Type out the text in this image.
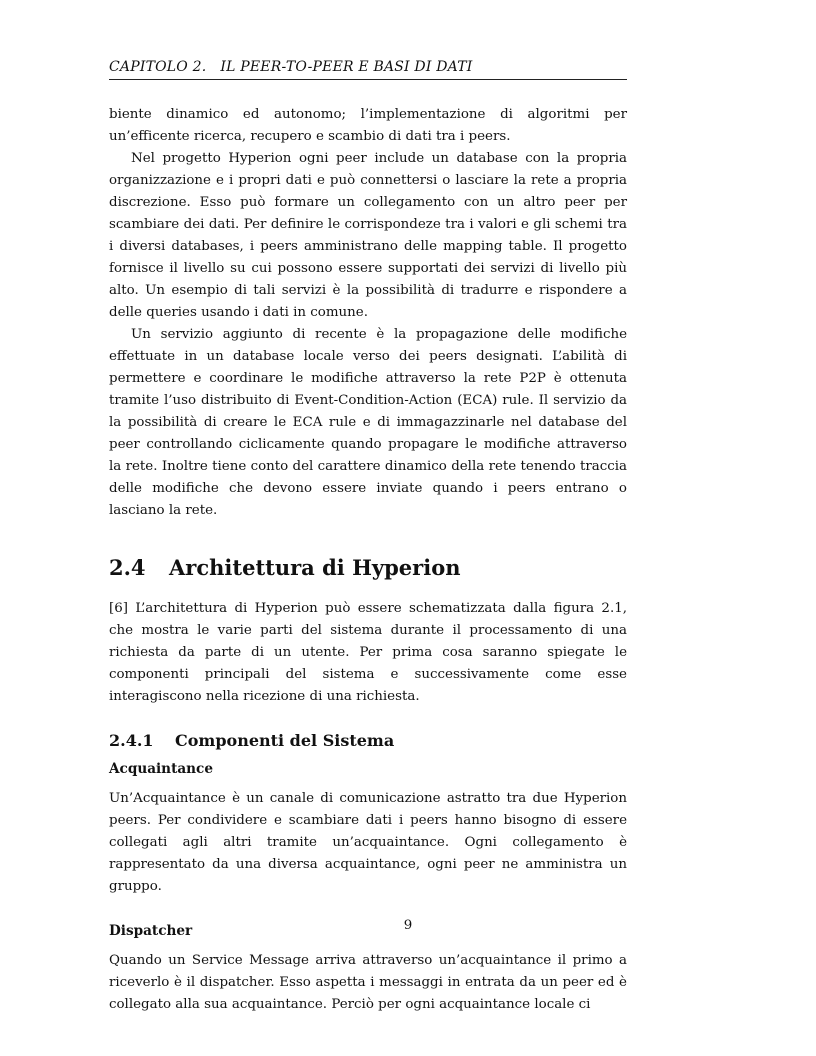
CAPITOLO 2. IL PEER-TO-PEER E BASI DI DATI

biente dinamico ed autonomo; l’implementazione di algoritmi per un’efficente ricerca, recupero e scambio di dati tra i peers.

Nel progetto Hyperion ogni peer include un database con la propria organizzazione e i propri dati e può connettersi o lasciare la rete a propria discrezione. Esso può formare un collegamento con un altro peer per scambiare dei dati. Per definire le corrispondeze tra i valori e gli schemi tra i diversi databases, i peers amministrano delle mapping table. Il progetto fornisce il livello su cui possono essere supportati dei servizi di livello più alto. Un esempio di tali servizi è la possibilità di tradurre e rispondere a delle queries usando i dati in comune.

Un servizio aggiunto di recente è la propagazione delle modifiche effettuate in un database locale verso dei peers designati. L’abilità di permettere e coordinare le modifiche attraverso la rete P2P è ottenuta tramite l’uso distribuito di Event-Condition-Action (ECA) rule. Il servizio da la possibilità di creare le ECA rule e di immagazzinarle nel database del peer controllando ciclicamente quando propagare le modifiche attraverso la rete. Inoltre tiene conto del carattere dinamico della rete tenendo traccia delle modifiche che devono essere inviate quando i peers entrano o lasciano la rete.

2.4 Architettura di Hyperion

[6] L’architettura di Hyperion può essere schematizzata dalla figura 2.1, che mostra le varie parti del sistema durante il processamento di una richiesta da parte di un utente. Per prima cosa saranno spiegate le componenti principali del sistema e successivamente come esse interagiscono nella ricezione di una richiesta.

2.4.1 Componenti del Sistema
Acquaintance

Un’Acquaintance è un canale di comunicazione astratto tra due Hyperion peers. Per condividere e scambiare dati i peers hanno bisogno di essere collegati agli altri tramite un’acquaintance. Ogni collegamento è rappresentato da una diversa acquaintance, ogni peer ne amministra un gruppo.

Dispatcher

Quando un Service Message arriva attraverso un’acquaintance il primo a riceverlo è il dispatcher. Esso aspetta i messaggi in entrata da un peer ed è collegato alla sua acquaintance. Perciò per ogni acquaintance locale ci

9
